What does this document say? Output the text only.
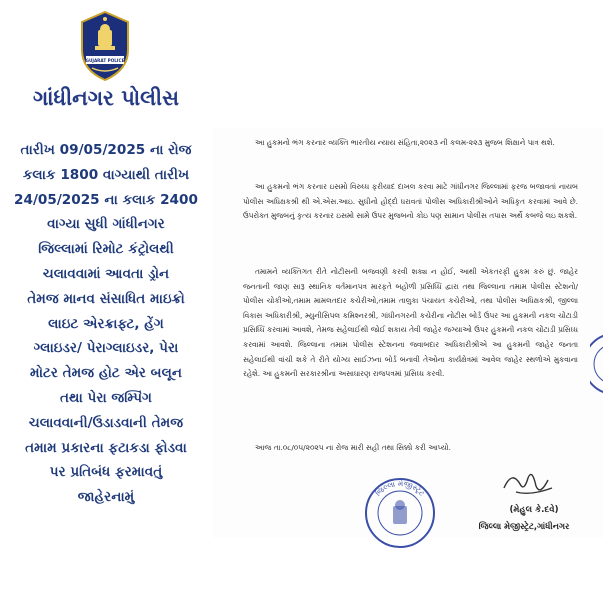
GUJARAT POLICE
ગાંધીનગર પોલીસ
તારીખ 09/05/2025 ના રોજ
કલાક 1800 વાગ્યાથી તારીખ
24/05/2025 ના કલાક 2400
વાગ્યા સુધી ગાંધીનગર
જિલ્લામાં રિમોટ કંટ્રોલથી
ચલાવવામાં આવતા ડ્રોન
તેમજ માનવ સંસાધિત માઇક્રો
લાઇટ એરક્રાફ્ટ, હેંગ
ગ્લાઇડર/ પેરાગ્લાઇડર, પેરા
મોટર તેમજ હોટ એર બલૂન
તથા પેરા જમ્પિંગ
ચલાવવાની/ઉડાડવાની તેમજ
તમામ પ્રકારના ફટાકડા ફોડવા
પર પ્રતિબંધ ફરમાવતું
જાહેરનામું

આ હુકમનો ભંગ કરનાર વ્યક્તિ ભારતીય ન્યાય સંહિતા,૨૦૨૩ ની કલમ-૨૨૩ મુજબ શિક્ષાને પાત્ર થશે.

આ હુકમનો ભંગ કરનાર ઇસમો વિરુધ્ધ ફરીયાદ દાખલ કરવા માટે ગાંધીનગર જિલ્લામાં ફરજ બજાવતાં નાયબ પોલીસ અધિક્ષકશ્રી થી એ.એસ.આઇ. સુધીનો હોદ્દો ધરાવતાં પોલીસ અધિકારીશ્રીઓને અધિકૃત કરવામાં આવે છે. ઉપરોક્ત મુજબનું કૃત્ય કરનાર ઇસમો સામે ઉપર મુજબનો કોઇ પણ સામાન પોલીસ તપાસ અર્થે કબજે લઇ શકશે.

તમામને વ્યક્તિગત રીતે નોટીસની બજવણી કરવી શક્ય ન હોઈ, આથી એકતરફી હુકમ કરું છું. જાહેર જનતાની જાણ સારૂ સ્થાનિક વર્તમાનપત્ર મારફતે બહોળી પ્રસિધ્ધિ દ્વારા તથા જિલ્લાના તમામ પોલીસ સ્ટેશનો/પોલીસ ચોકીઓ,તમામ મામલતદાર કચેરીઓ,તમામ તાલુકા પંચાયત કચેરીઓ, તથા પોલીસ અધિક્ષકશ્રી, જીલ્લા વિકાસ અધિકારીશ્રી, મ્યુનીસિપલ કમિશ્નરશ્રી, ગાંધીનગરની કચેરીના નોટીસ બોર્ડ ઉપર આ હુકમની નકલ ચોંટાડી પ્રસિધ્ધિ કરવામાં આવશે, તેમજ સહેલાઈથી જોઈ શકાય તેવી જાહેર જગ્યાઓ ઉપર હુકમની નકલ ચોંટાડી પ્રસિધ્ધ કરવામાં આવશે. જિલ્લાના તમામ પોલીસ સ્ટેશનના જવાબદાર અધિકારીશ્રીએ આ હુકમની જાહેર જનતા સહેલાઈથી વાંચી શકે તે રીતે યોગ્ય સાઈઝના બોર્ડ બનાવી તેઓના કાર્યક્ષેત્રમાં આવેલ જાહેર સ્થળોએ મુકવાના રહેશે. આ હુકમની સરકારશ્રીના અસાધારણ રાજપત્રમાં પ્રસિધ્ધ કરવી.

આજ તા.૦૮/૦૫/૨૦૨૫ ના રોજ મારી સહી તથા સિક્કો કરી આપ્યો.

જિલ્લા મેજીસ્ટ્રેટ

(મેહુલ કે.દવે)

જિલ્લા મેજીસ્ટ્રેટ,ગાંધીનગર
